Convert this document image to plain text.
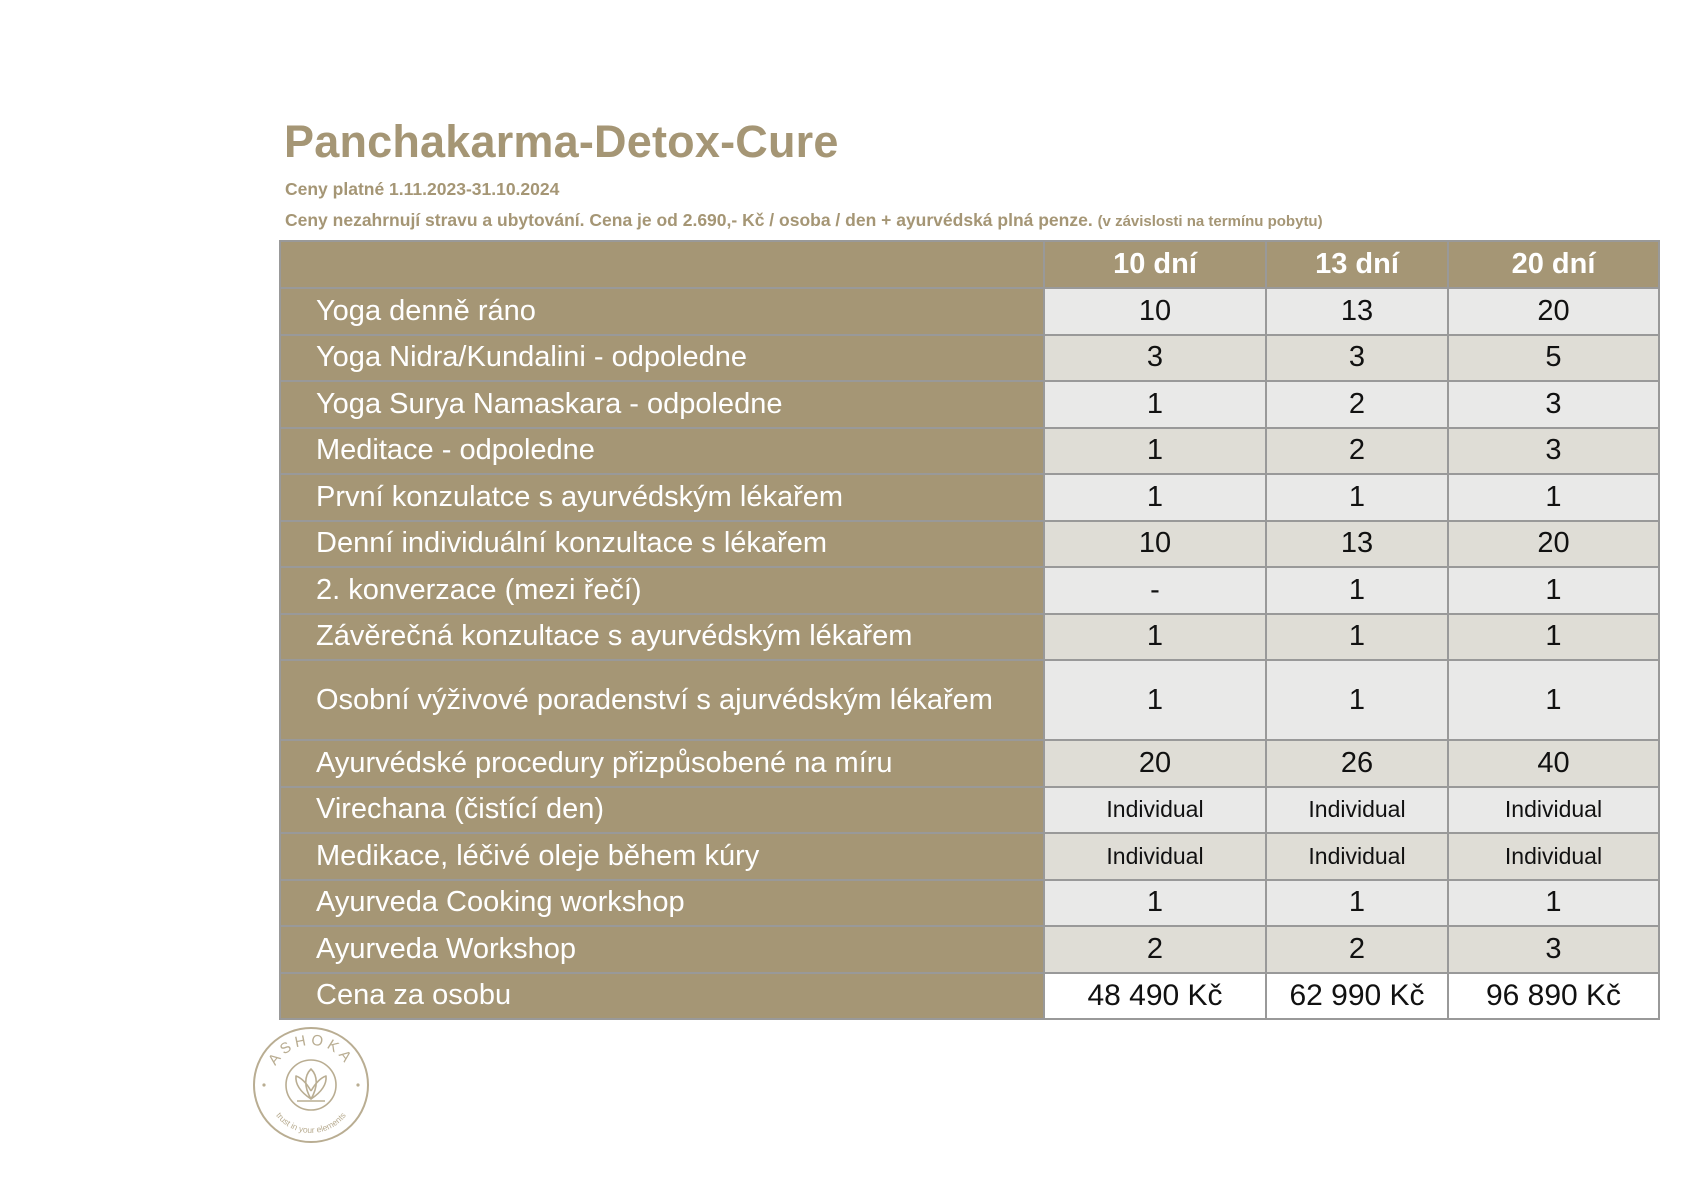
Panchakarma-Detox-Cure

Ceny platné 1.11.2023-31.10.2024

Ceny nezahrnují stravu a ubytování. Cena je od 2.690,- Kč / osoba / den + ayurvédská plná penze. (v závislosti na termínu pobytu)

	10 dní	13 dní	20 dní
Yoga denně ráno	10	13	20
Yoga Nidra/Kundalini - odpoledne	3	3	5
Yoga Surya Namaskara - odpoledne	1	2	3
Meditace - odpoledne	1	2	3
První konzulatce s ayurvédským lékařem	1	1	1
Denní individuální konzultace s lékařem	10	13	20
2. konverzace (mezi řečí)	-	1	1
Závěrečná konzultace s ayurvédským lékařem	1	1	1
Osobní výživové poradenství s ajurvédským lékařem	1	1	1
Ayurvédské procedury přizpůsobené na míru	20	26	40
Virechana (čistící den)	Individual	Individual	Individual
Medikace, léčivé oleje během kúry	Individual	Individual	Individual
Ayurveda Cooking workshop	1	1	1
Ayurveda Workshop	2	2	3
Cena za osobu	48 490 Kč	62 990 Kč	96 890 Kč
ASHOKA
trust in your elements
